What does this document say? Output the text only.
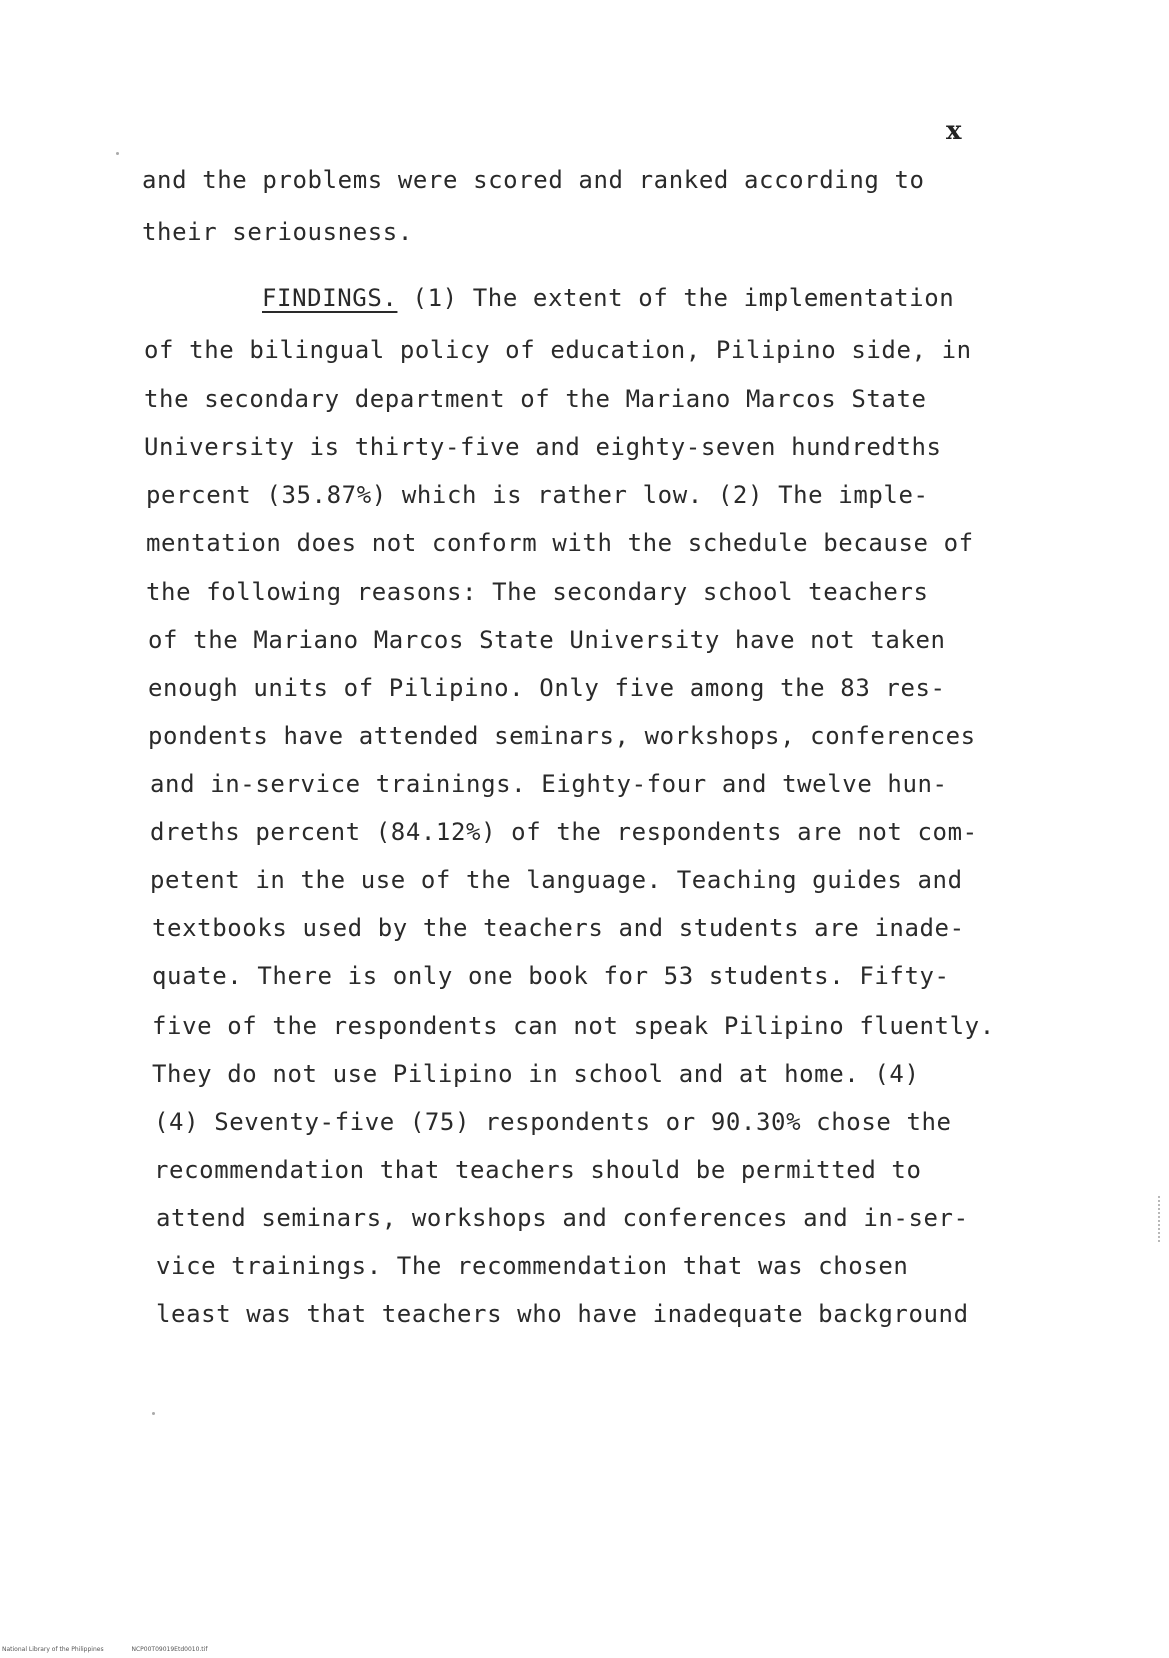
x
and the problems were scored and ranked according to
their seriousness.
FINDINGS. (1) The extent of the implementation
of the bilingual policy of education, Pilipino side, in
the secondary department of the Mariano Marcos State
University is thirty-five and eighty-seven hundredths
percent (35.87%) which is rather low. (2) The imple-
mentation does not conform with the schedule because of
the following reasons: The secondary school teachers
of the Mariano Marcos State University have not taken
enough units of Pilipino. Only five among the 83 res-
pondents have attended seminars, workshops, conferences
and in-service trainings. Eighty-four and twelve hun-
dreths percent (84.12%) of the respondents are not com-
petent in the use of the language. Teaching guides and
textbooks used by the teachers and students are inade-
quate. There is only one book for 53 students. Fifty-
five of the respondents can not speak Pilipino fluently.
They do not use Pilipino in school and at home. (4)
(4) Seventy-five (75) respondents or 90.30% chose the
recommendation that teachers should be permitted to
attend seminars, workshops and conferences and in-ser-
vice trainings. The recommendation that was chosen
least was that teachers who have inadequate background
National Library of the Philippines	NCP00T09019Etd0010.tif
